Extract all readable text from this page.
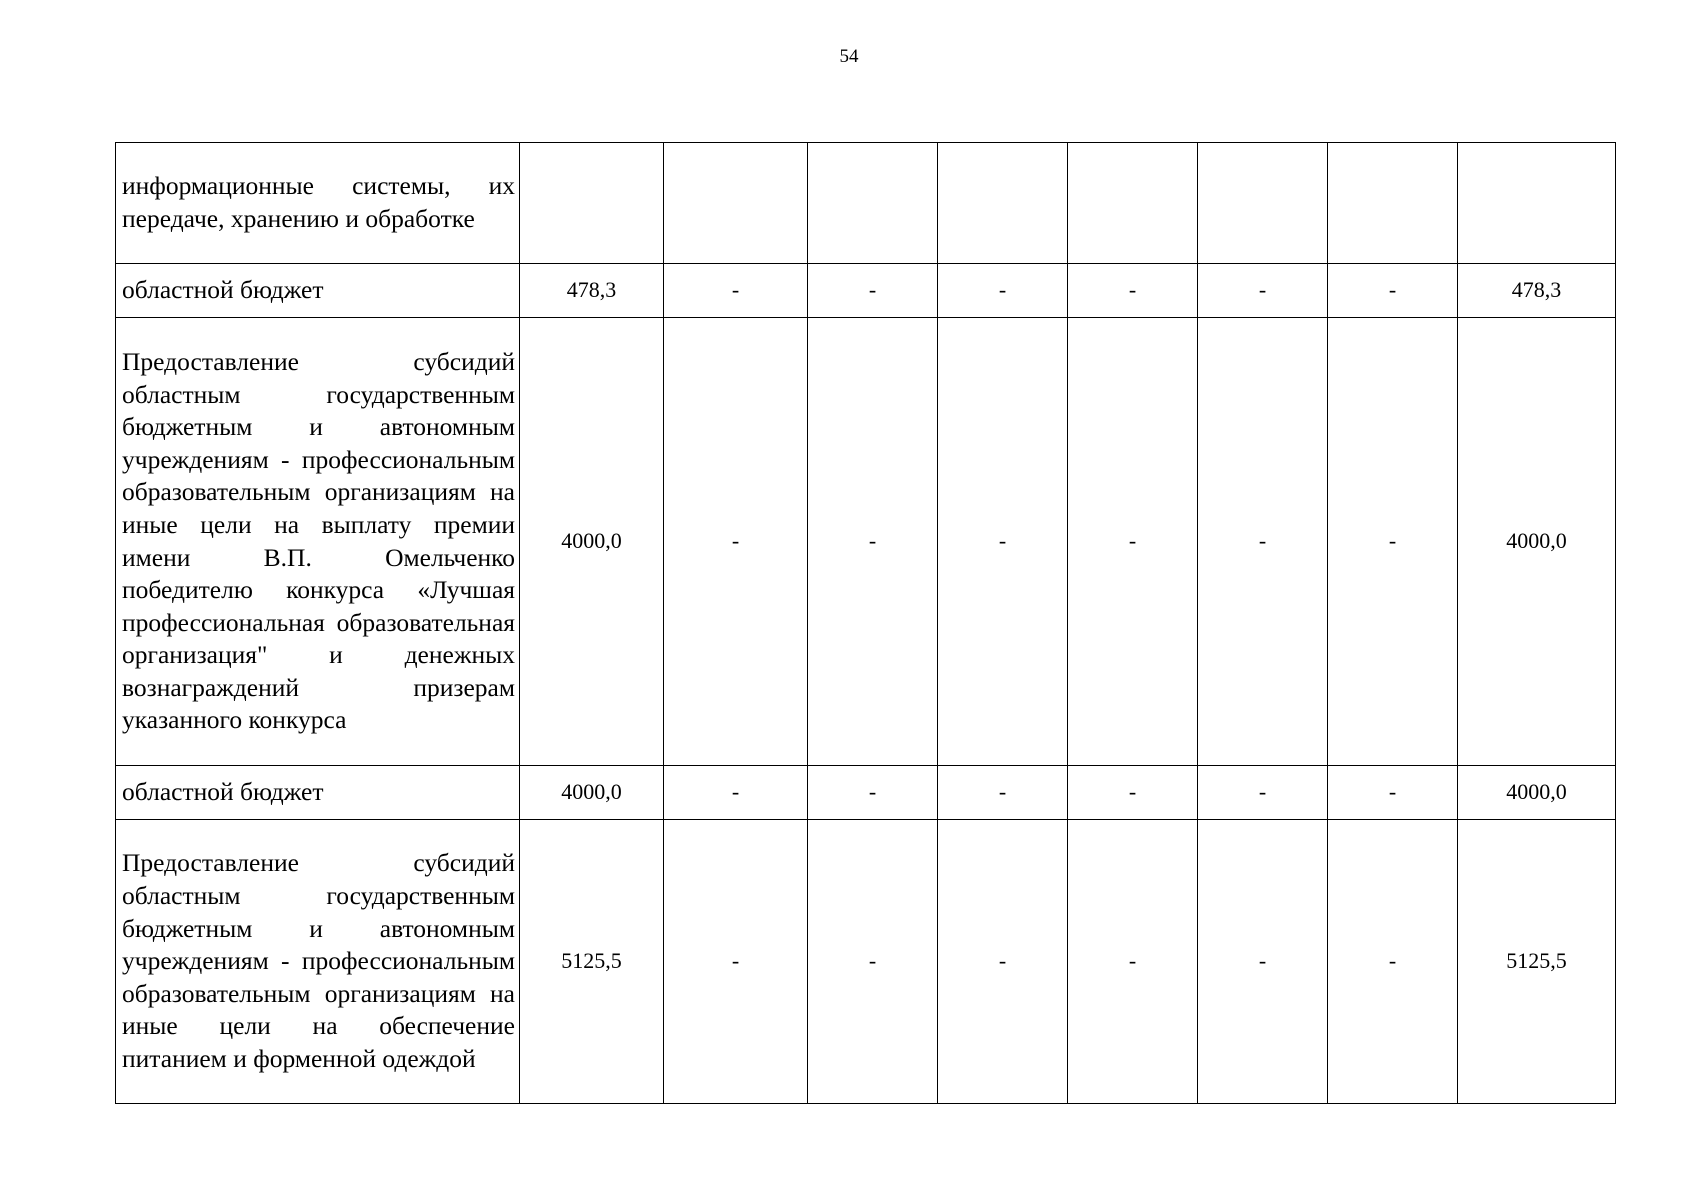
54
информационные системы, их передаче, хранению и обработке								
областной бюджет	478,3	-	-	-	-	-	-	478,3
Предоставление субсидий областным государственным бюджетным и автономным учреждениям - профессиональным образовательным организациям на иные цели на выплату премии имени В.П. Омельченко победителю конкурса «Лучшая профессиональная образовательная организация" и денежных вознаграждений призерам указанного конкурса	4000,0	-	-	-	-	-	-	4000,0
областной бюджет	4000,0	-	-	-	-	-	-	4000,0
Предоставление субсидий областным государственным бюджетным и автономным учреждениям - профессиональным образовательным организациям на иные цели на обеспечение питанием и форменной одеждой	5125,5	-	-	-	-	-	-	5125,5
